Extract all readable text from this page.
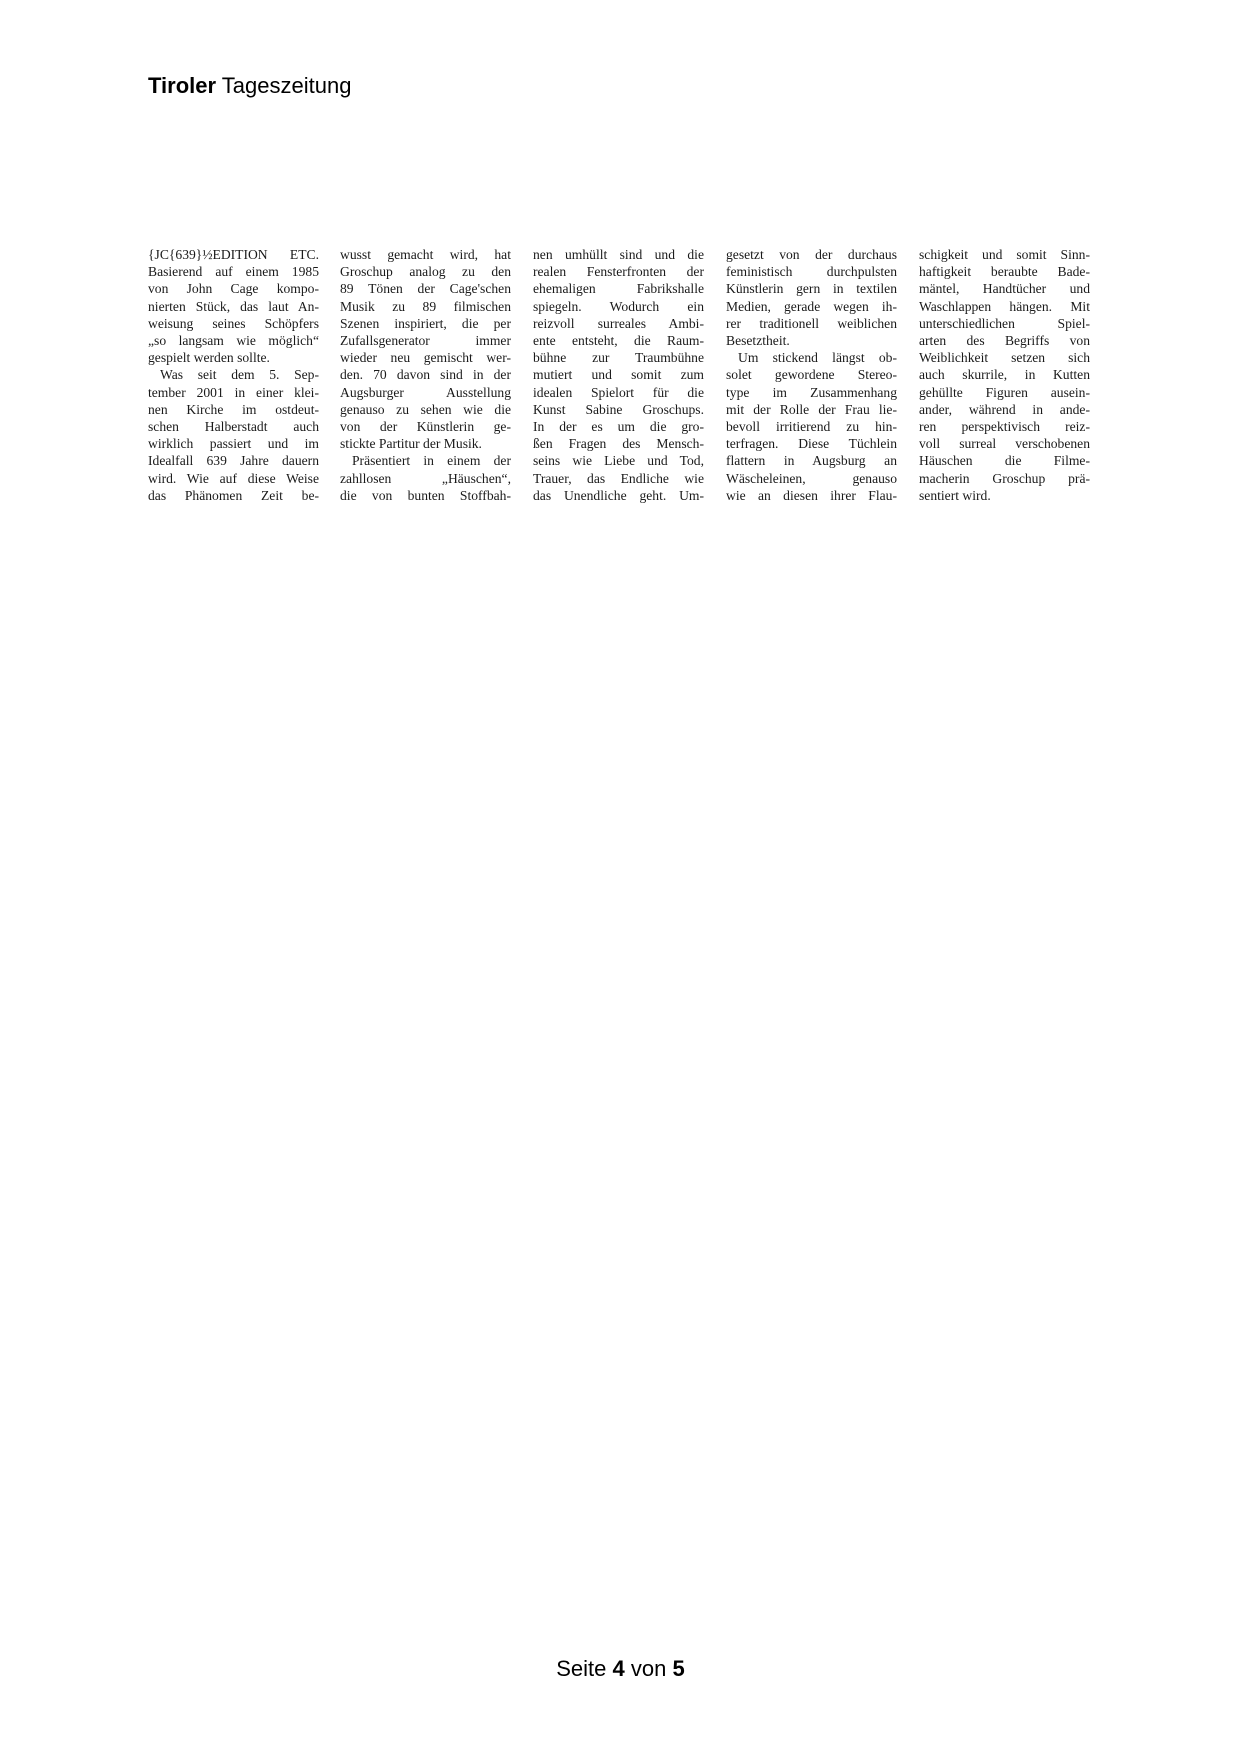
Tiroler Tageszeitung
{JC{639}½EDITION ETC.
Basierend auf einem 1985
von John Cage kompo-
nierten Stück, das laut An-
weisung seines Schöpfers
„so langsam wie möglich“
gespielt werden sollte.
Was seit dem 5. Sep-
tember 2001 in einer klei-
nen Kirche im ostdeut-
schen Halberstadt auch
wirklich passiert und im
Idealfall 639 Jahre dauern
wird. Wie auf diese Weise
das Phänomen Zeit be-
wusst gemacht wird, hat
Groschup analog zu den
89 Tönen der Cage'schen
Musik zu 89 filmischen
Szenen inspiriert, die per
Zufallsgenerator immer
wieder neu gemischt wer-
den. 70 davon sind in der
Augsburger Ausstellung
genauso zu sehen wie die
von der Künstlerin ge-
stickte Partitur der Musik.
Präsentiert in einem der
zahllosen „Häuschen“,
die von bunten Stoffbah-
nen umhüllt sind und die
realen Fensterfronten der
ehemaligen Fabrikshalle
spiegeln. Wodurch ein
reizvoll surreales Ambi-
ente entsteht, die Raum-
bühne zur Traumbühne
mutiert und somit zum
idealen Spielort für die
Kunst Sabine Groschups.
In der es um die gro-
ßen Fragen des Mensch-
seins wie Liebe und Tod,
Trauer, das Endliche wie
das Unendliche geht. Um-
gesetzt von der durchaus
feministisch durchpulsten
Künstlerin gern in textilen
Medien, gerade wegen ih-
rer traditionell weiblichen
Besetztheit.
Um stickend längst ob-
solet gewordene Stereo-
type im Zusammenhang
mit der Rolle der Frau lie-
bevoll irritierend zu hin-
terfragen. Diese Tüchlein
flattern in Augsburg an
Wäscheleinen, genauso
wie an diesen ihrer Flau-
schigkeit und somit Sinn-
haftigkeit beraubte Bade-
mäntel, Handtücher und
Waschlappen hängen. Mit
unterschiedlichen Spiel-
arten des Begriffs von
Weiblichkeit setzen sich
auch skurrile, in Kutten
gehüllte Figuren ausein-
ander, während in ande-
ren perspektivisch reiz-
voll surreal verschobenen
Häuschen die Filme-
macherin Groschup prä-
sentiert wird.
Seite 4 von 5
